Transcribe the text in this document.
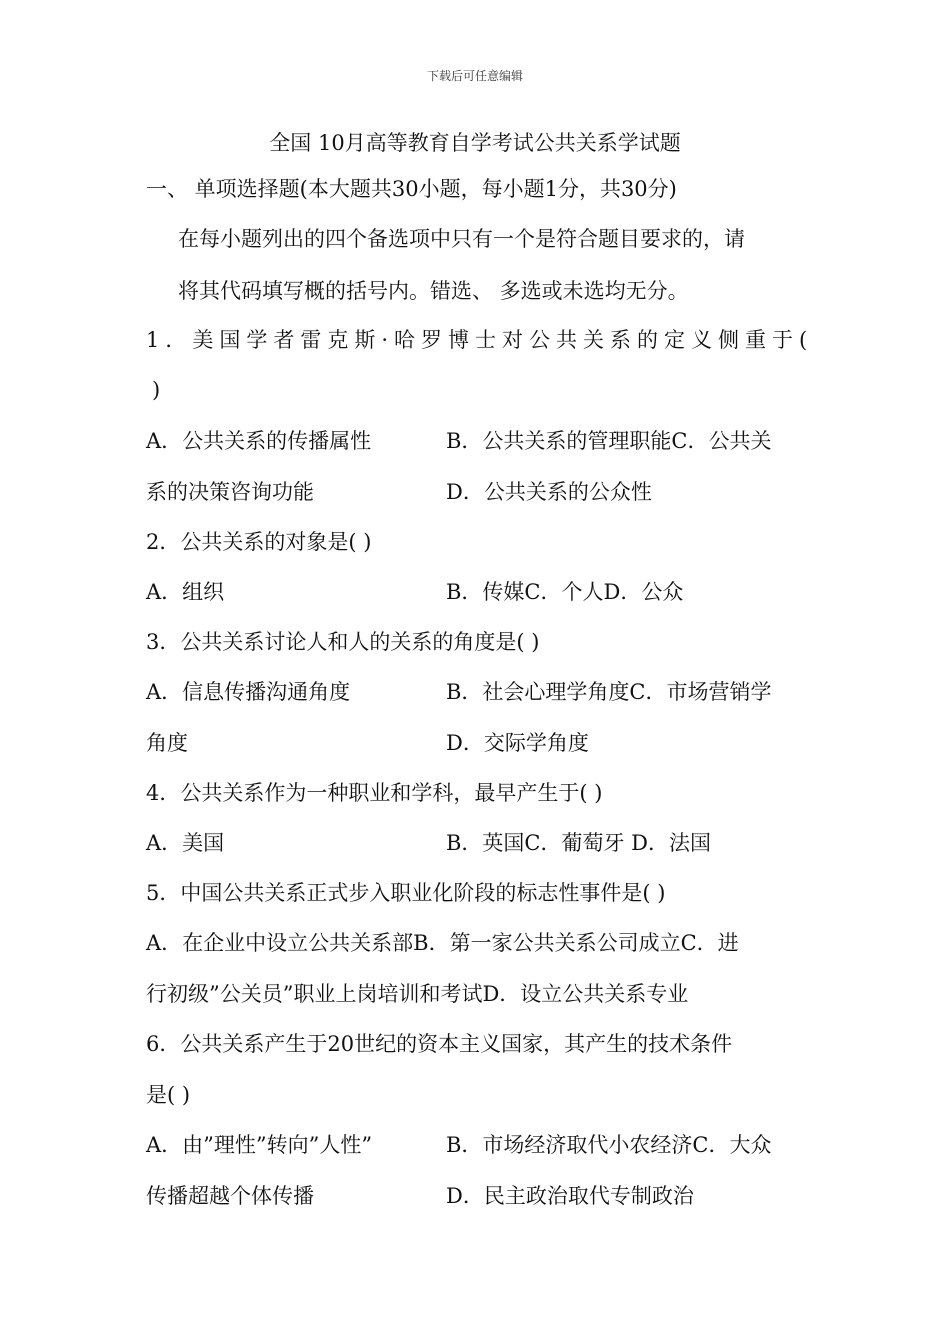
下载后可任意编辑
全国 10月高等教育自学考试公共关系学试题
一、 单项选择题(本大题共30小题，每小题1分，共30分)
在每小题列出的四个备选项中只有一个是符合题目要求的，请
将其代码填写概的括号内。错选、 多选或未选均无分。
1．美国学者雷克斯·哈罗博士对公共关系的定义侧重于(
)
A．公共关系的传播属性	B．公共关系的管理职能C．公共关
系的决策咨询功能	D．公共关系的公众性
2．公共关系的对象是( )
A．组织	B．传媒C．个人D．公众
3．公共关系讨论人和人的关系的角度是( )
A．信息传播沟通角度	B．社会心理学角度C．市场营销学
角度	D．交际学角度
4．公共关系作为一种职业和学科，最早产生于( )
A．美国	B．英国C．葡萄牙 D．法国
5．中国公共关系正式步入职业化阶段的标志性事件是( )
A．在企业中设立公共关系部B．第一家公共关系公司成立C．进
行初级”公关员”职业上岗培训和考试D．设立公共关系专业
6．公共关系产生于20世纪的资本主义国家，其产生的技术条件
是( )
A．由”理性”转向”人性”	B．市场经济取代小农经济C．大众
传播超越个体传播	D．民主政治取代专制政治
